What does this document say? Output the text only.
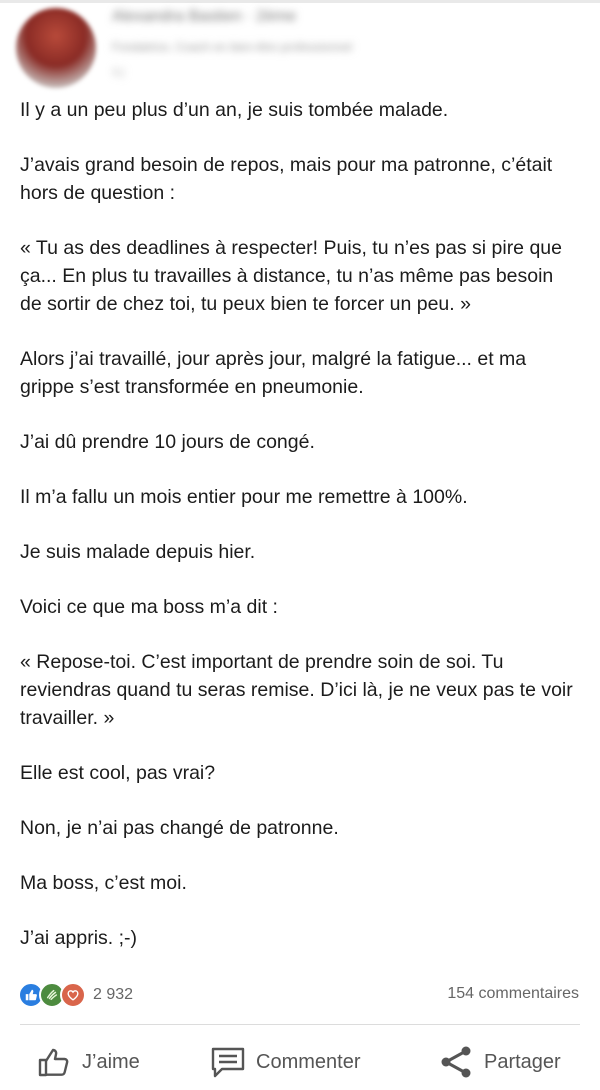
Alexandra Bastien · 2ème
Fondatrice, Coach en bien-être professionnel
1 j

Il y a un peu plus d’un an, je suis tombée malade.

J’avais grand besoin de repos, mais pour ma patronne, c’était hors de question :

« Tu as des deadlines à respecter! Puis, tu n’es pas si pire que ça... En plus tu travailles à distance, tu n’as même pas besoin de sortir de chez toi, tu peux bien te forcer un peu. »

Alors j’ai travaillé, jour après jour, malgré la fatigue... et ma grippe s’est transformée en pneumonie.

J’ai dû prendre 10 jours de congé.

Il m’a fallu un mois entier pour me remettre à 100%.

Je suis malade depuis hier.

Voici ce que ma boss m’a dit :

« Repose-toi. C’est important de prendre soin de soi. Tu reviendras quand tu seras remise. D’ici là, je ne veux pas te voir travailler. »

Elle est cool, pas vrai?

Non, je n’ai pas changé de patronne.

Ma boss, c’est moi.

J’ai appris. ;-)

2 932	154 commentaires
J’aime	Commenter	Partager
